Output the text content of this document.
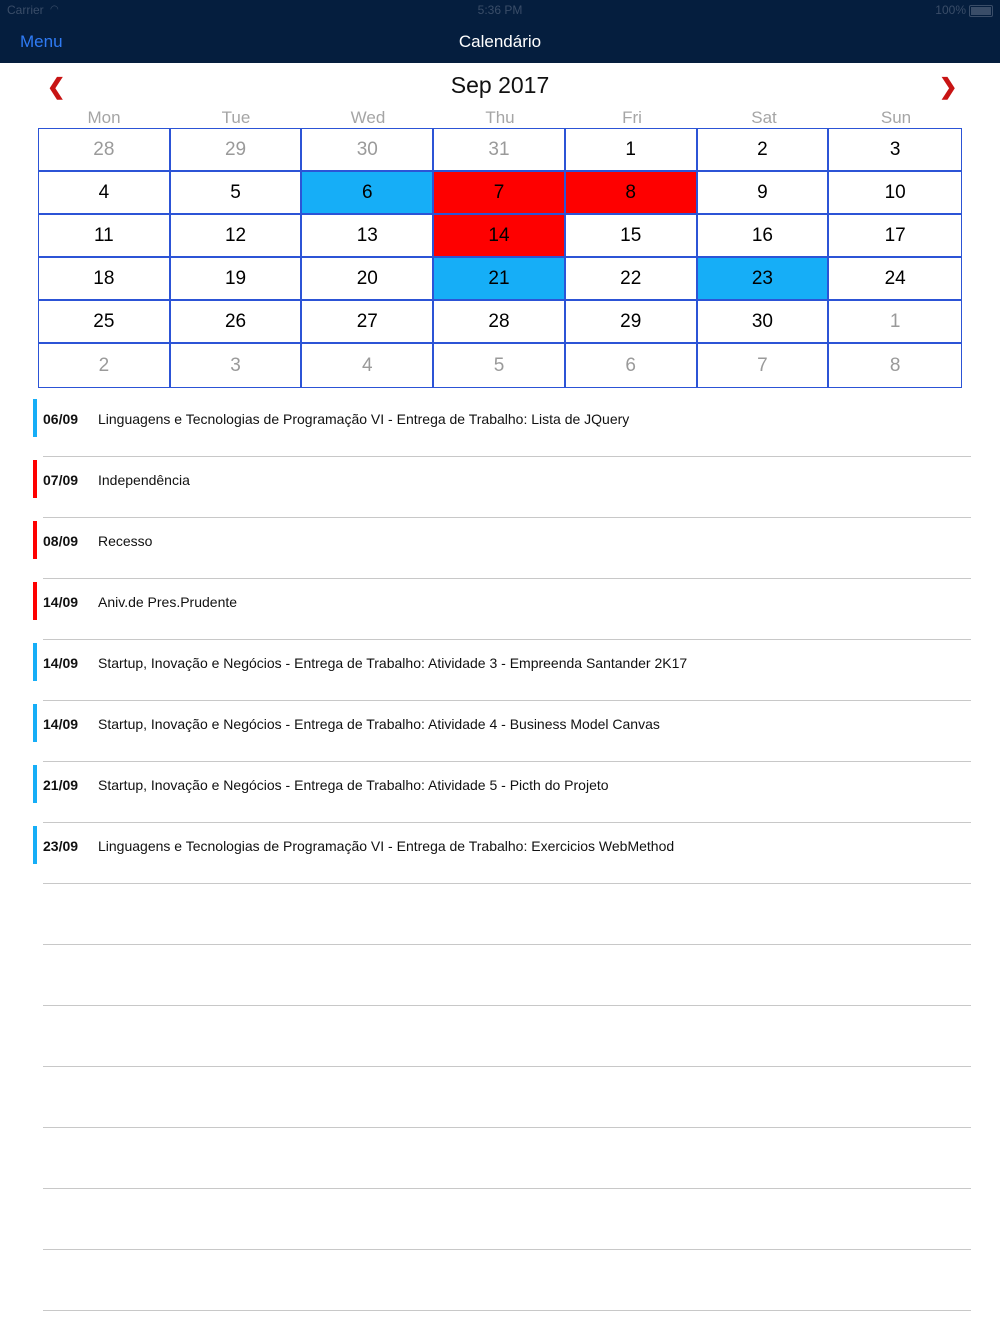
Carrier ◠	5:36 PM	100%
Menu	Calendário
❮	Sep 2017	❯
Mon	Tue	Wed	Thu	Fri	Sat	Sun
28	29	30	31	1	2	3
4	5	6	7	8	9	10
11	12	13	14	15	16	17
18	19	20	21	22	23	24
25	26	27	28	29	30	1
2	3	4	5	6	7	8
06/09 Linguagens e Tecnologias de Programação VI - Entrega de Trabalho: Lista de JQuery
07/09 Independência
08/09 Recesso
14/09 Aniv.de Pres.Prudente
14/09 Startup, Inovação e Negócios - Entrega de Trabalho: Atividade 3 - Empreenda Santander 2K17
14/09 Startup, Inovação e Negócios - Entrega de Trabalho: Atividade 4 - Business Model Canvas
21/09 Startup, Inovação e Negócios - Entrega de Trabalho: Atividade 5 - Picth do Projeto
23/09 Linguagens e Tecnologias de Programação VI - Entrega de Trabalho: Exercicios WebMethod
